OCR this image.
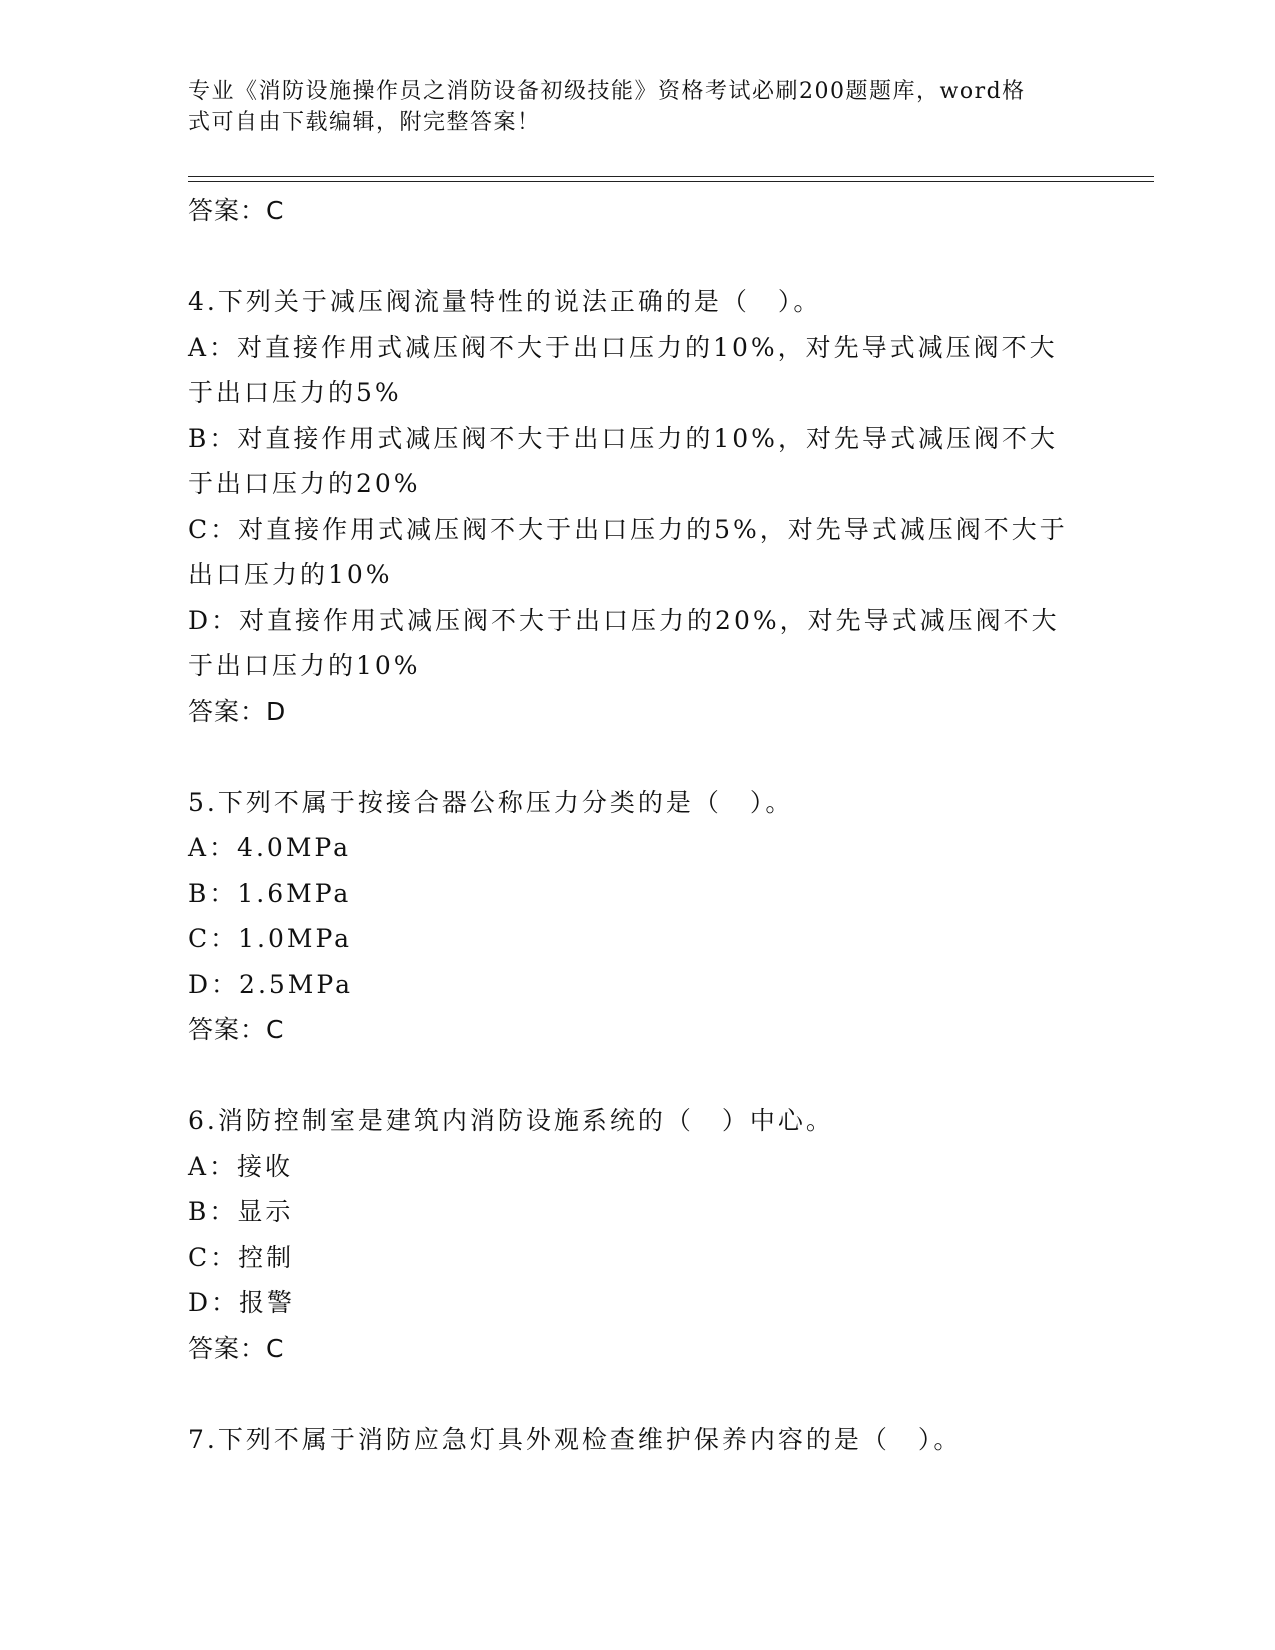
专业《消防设施操作员之消防设备初级技能》资格考试必刷200题题库，word格
式可自由下载编辑，附完整答案！
答案：C
4.下列关于减压阀流量特性的说法正确的是（　）。
A：对直接作用式减压阀不大于出口压力的10%，对先导式减压阀不大
于出口压力的5%
B：对直接作用式减压阀不大于出口压力的10%，对先导式减压阀不大
于出口压力的20%
C：对直接作用式减压阀不大于出口压力的5%，对先导式减压阀不大于
出口压力的10%
D：对直接作用式减压阀不大于出口压力的20%，对先导式减压阀不大
于出口压力的10%
答案：D
5.下列不属于按接合器公称压力分类的是（　）。
A：4.0MPa
B：1.6MPa
C：1.0MPa
D：2.5MPa
答案：C
6.消防控制室是建筑内消防设施系统的（　）中心。
A：接收
B：显示
C：控制
D：报警
答案：C
7.下列不属于消防应急灯具外观检查维护保养内容的是（　）。
